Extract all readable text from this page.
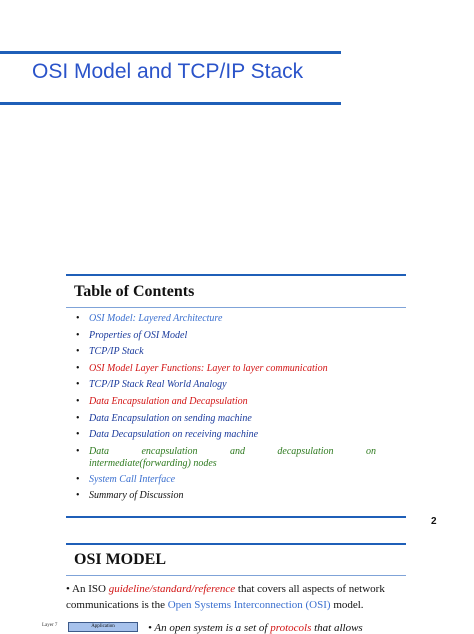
OSI Model and TCP/IP Stack
Table of Contents
• OSI Model: Layered Architecture
• Properties of OSI Model
• TCP/IP Stack
• OSI Model Layer Functions: Layer to layer communication
• TCP/IP Stack Real World Analogy
• Data Encapsulation and Decapsulation
• Data Encapsulation on sending machine
• Data Decapsulation on receiving machine
• Data	encapsulation	and	decapsulation	on
intermediate(forwarding) nodes
• System Call Interface
• Summary of Discussion
2
OSI MODEL
• An ISO guideline/standard/reference that covers all aspects of network communications is the Open Systems Interconnection (OSI) model.
Layer 7	Application	• An open system is a set of protocols that allows
